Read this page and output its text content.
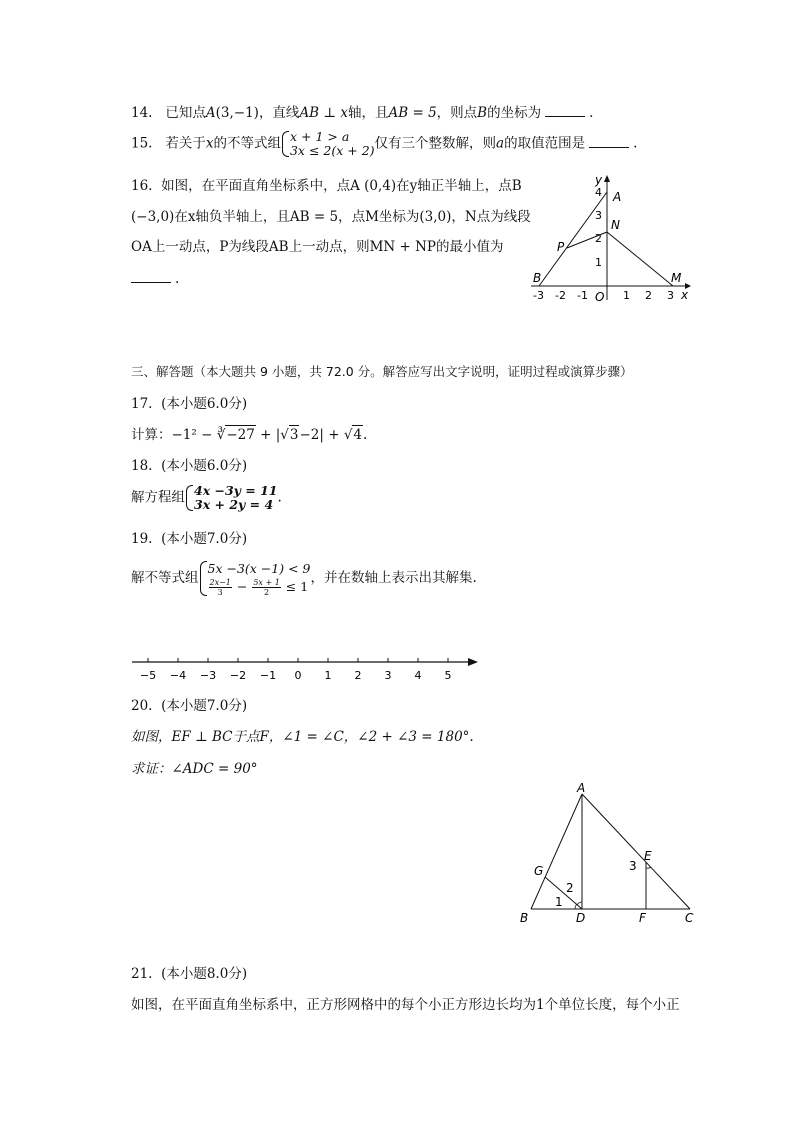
14. 已知点A(3,−1)，直线AB ⊥ x轴，且AB = 5，则点B的坐标为	.
15. 若关于x的不等式组 x + 1 > a
3x ≤ 2(x + 2) 仅有三个整数解，则a的取值范围是	.
16. 如图，在平面直角坐标系中，点A (0,4)在y轴正半轴上，点B
(−3,0)在x轴负半轴上，且AB = 5，点M坐标为(3,0)，N点为线段
OA上一动点，P为线段AB上一动点，则MN + NP的最小值为
.
y
x
O
-3 -2 -1	1 2 3
1
2
3
4 A
B	M
N
P
三、解答题（本大题共 9 小题，共 72.0 分。解答应写出文字说明，证明过程或演算步骤）
17. (本小题6.0分)
计算：−1² − ∛−27 + |√3−2| + √4.
18. (本小题6.0分)
解方程组 4x −3y = 11
3x + 2y = 4 .
19. (本小题7.0分)
解不等式组
5x −3(x −1) < 9
$\frac{2x-1}{3} - \frac{5x + 1}{2} \le 1$
，并在数轴上表示出其解集.
−5 −4 −3 −2 −1 0 1 2 3 4 5
20. (本小题7.0分)
如图，EF ⊥ BC于点F，∠1 = ∠C，∠2 + ∠3 = 180°.
求证：∠ADC = 90°
A
B	C
D
E
F
G
1
2
3
21. (本小题8.0分)
如图，在平面直角坐标系中，正方形网格中的每个小正方形边长均为1个单位长度，每个小正
